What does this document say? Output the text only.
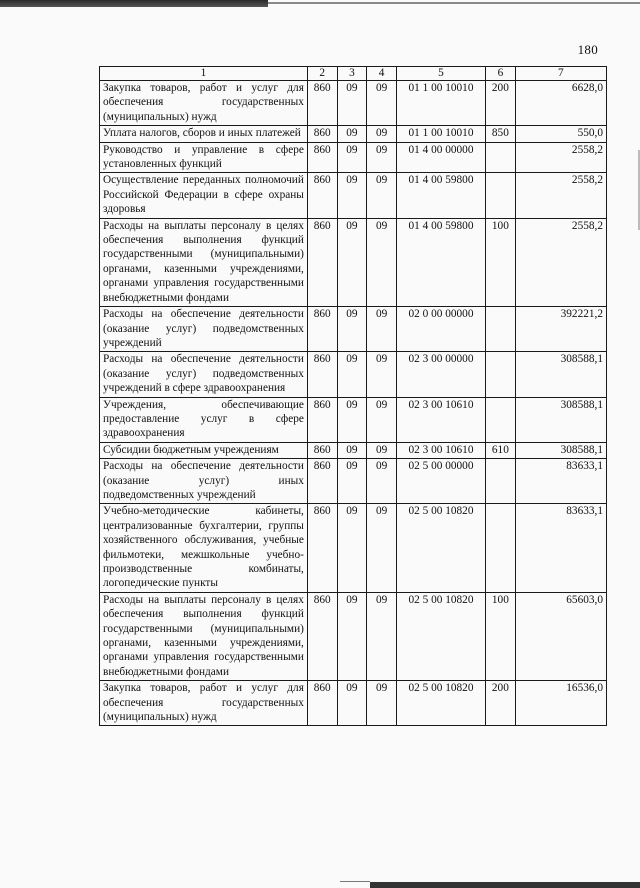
180
1	2	3	4	5	6	7
Закупка товаров, работ и услуг для обеспечения государственных (муниципальных) нужд	860	09	09	01 1 00 10010	200	6628,0
Уплата налогов, сборов и иных платежей	860	09	09	01 1 00 10010	850	550,0
Руководство и управление в сфере установленных функций	860	09	09	01 4 00 00000		2558,2
Осуществление переданных полномочий Российской Федерации в сфере охраны здоровья	860	09	09	01 4 00 59800		2558,2
Расходы на выплаты персоналу в целях обеспечения выполнения функций государственными (муниципальными) органами, казенными учреждениями, органами управления государственными внебюджетными фондами	860	09	09	01 4 00 59800	100	2558,2
Расходы на обеспечение деятельности (оказание услуг) подведомственных учреждений	860	09	09	02 0 00 00000		392221,2
Расходы на обеспечение деятельности (оказание услуг) подведомственных учреждений в сфере здравоохранения	860	09	09	02 3 00 00000		308588,1
Учреждения, обеспечивающие предоставление услуг в сфере здравоохранения	860	09	09	02 3 00 10610		308588,1
Субсидии бюджетным учреждениям	860	09	09	02 3 00 10610	610	308588,1
Расходы на обеспечение деятельности (оказание услуг) иных подведомственных учреждений	860	09	09	02 5 00 00000		83633,1
Учебно-методические кабинеты, централизованные бухгалтерии, группы хозяйственного обслуживания, учебные фильмотеки, межшкольные учебно-производственные комбинаты, логопедические пункты	860	09	09	02 5 00 10820		83633,1
Расходы на выплаты персоналу в целях обеспечения выполнения функций государственными (муниципальными) органами, казенными учреждениями, органами управления государственными внебюджетными фондами	860	09	09	02 5 00 10820	100	65603,0
Закупка товаров, работ и услуг для обеспечения государственных (муниципальных) нужд	860	09	09	02 5 00 10820	200	16536,0
